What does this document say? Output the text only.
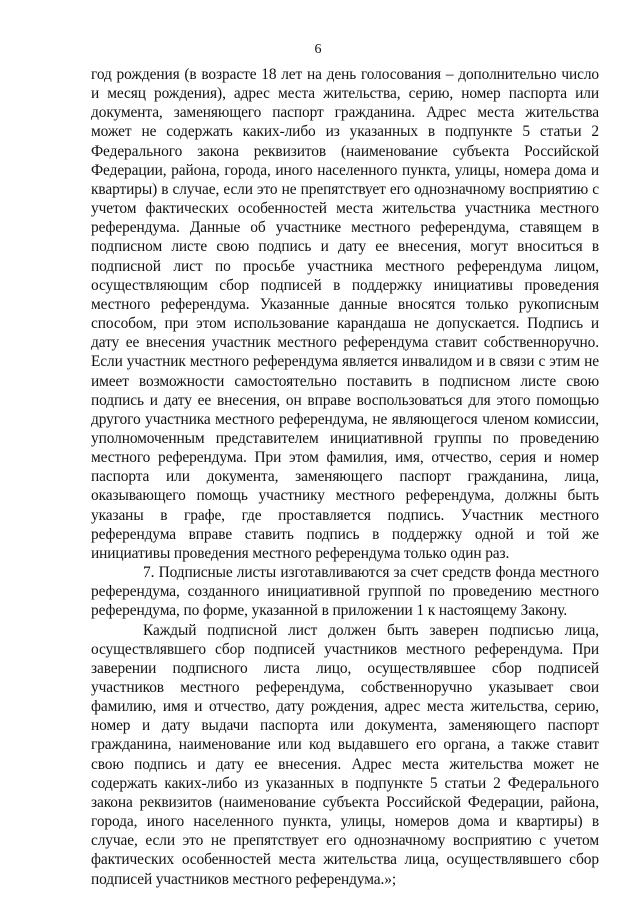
6
год рождения (в возрасте 18 лет на день голосования – дополнительно число
и месяц рождения), адрес места жительства, серию, номер паспорта или
документа, заменяющего паспорт гражданина. Адрес места жительства
может не содержать каких-либо из указанных в подпункте 5 статьи 2
Федерального закона реквизитов (наименование субъекта Российской
Федерации, района, города, иного населенного пункта, улицы, номера дома и
квартиры) в случае, если это не препятствует его однозначному восприятию с
учетом фактических особенностей места жительства участника местного
референдума. Данные об участнике местного референдума, ставящем в
подписном листе свою подпись и дату ее внесения, могут вноситься в
подписной лист по просьбе участника местного референдума лицом,
осуществляющим сбор подписей в поддержку инициативы проведения
местного референдума. Указанные данные вносятся только рукописным
способом, при этом использование карандаша не допускается. Подпись и
дату ее внесения участник местного референдума ставит собственноручно.
Если участник местного референдума является инвалидом и в связи с этим не
имеет возможности самостоятельно поставить в подписном листе свою
подпись и дату ее внесения, он вправе воспользоваться для этого помощью
другого участника местного референдума, не являющегося членом комиссии,
уполномоченным представителем инициативной группы по проведению
местного референдума. При этом фамилия, имя, отчество, серия и номер
паспорта или документа, заменяющего паспорт гражданина, лица,
оказывающего помощь участнику местного референдума, должны быть
указаны в графе, где проставляется подпись. Участник местного
референдума вправе ставить подпись в поддержку одной и той же
инициативы проведения местного референдума только один раз.
7. Подписные листы изготавливаются за счет средств фонда местного
референдума, созданного инициативной группой по проведению местного
референдума, по форме, указанной в приложении 1 к настоящему Закону.
Каждый подписной лист должен быть заверен подписью лица,
осуществлявшего сбор подписей участников местного референдума. При
заверении подписного листа лицо, осуществлявшее сбор подписей
участников местного референдума, собственноручно указывает свои
фамилию, имя и отчество, дату рождения, адрес места жительства, серию,
номер и дату выдачи паспорта или документа, заменяющего паспорт
гражданина, наименование или код выдавшего его органа, а также ставит
свою подпись и дату ее внесения. Адрес места жительства может не
содержать каких-либо из указанных в подпункте 5 статьи 2 Федерального
закона реквизитов (наименование субъекта Российской Федерации, района,
города, иного населенного пункта, улицы, номеров дома и квартиры) в
случае, если это не препятствует его однозначному восприятию с учетом
фактических особенностей места жительства лица, осуществлявшего сбор
подписей участников местного референдума.»;
